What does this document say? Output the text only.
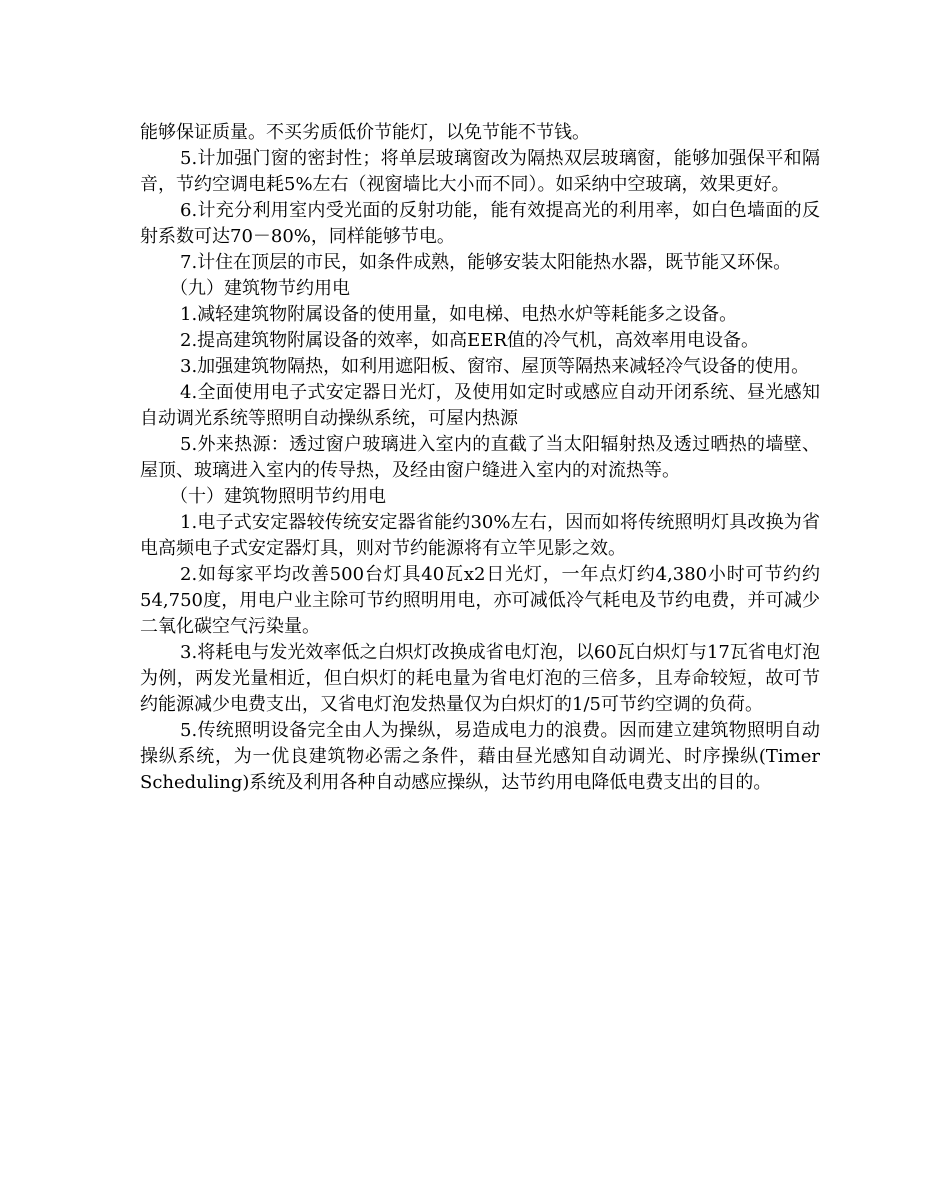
能够保证质量。不买劣质低价节能灯，以免节能不节钱。

5.计加强门窗的密封性；将单层玻璃窗改为隔热双层玻璃窗，能够加强保平和隔音，节约空调电耗5%左右（视窗墙比大小而不同）。如采纳中空玻璃，效果更好。

6.计充分利用室内受光面的反射功能，能有效提高光的利用率，如白色墙面的反射系数可达70－80%，同样能够节电。

7.计住在顶层的市民，如条件成熟，能够安装太阳能热水器，既节能又环保。

（九）建筑物节约用电

1.减轻建筑物附属设备的使用量，如电梯、电热水炉等耗能多之设备。

2.提高建筑物附属设备的效率，如高EER值的冷气机，高效率用电设备。

3.加强建筑物隔热，如利用遮阳板、窗帘、屋顶等隔热来减轻冷气设备的使用。

4.全面使用电子式安定器日光灯，及使用如定时或感应自动开闭系统、昼光感知自动调光系统等照明自动操纵系统，可屋内热源

5.外来热源：透过窗户玻璃进入室内的直截了当太阳辐射热及透过晒热的墙壁、屋顶、玻璃进入室内的传导热，及经由窗户缝进入室内的对流热等。

（十）建筑物照明节约用电

1.电子式安定器较传统安定器省能约30%左右，因而如将传统照明灯具改换为省电高频电子式安定器灯具，则对节约能源将有立竿见影之效。

2.如每家平均改善500台灯具40瓦x2日光灯，一年点灯约4,380小时可节约约54,750度，用电户业主除可节约照明用电，亦可减低冷气耗电及节约电费，并可减少二氧化碳空气污染量。

3.将耗电与发光效率低之白炽灯改换成省电灯泡，以60瓦白炽灯与17瓦省电灯泡为例，两发光量相近，但白炽灯的耗电量为省电灯泡的三倍多，且寿命较短，故可节约能源减少电费支出，又省电灯泡发热量仅为白炽灯的1/5可节约空调的负荷。

5.传统照明设备完全由人为操纵，易造成电力的浪费。因而建立建筑物照明自动操纵系统，为一优良建筑物必需之条件，藉由昼光感知自动调光、时序操纵(Timer Scheduling)系统及利用各种自动感应操纵，达节约用电降低电费支出的目的。
